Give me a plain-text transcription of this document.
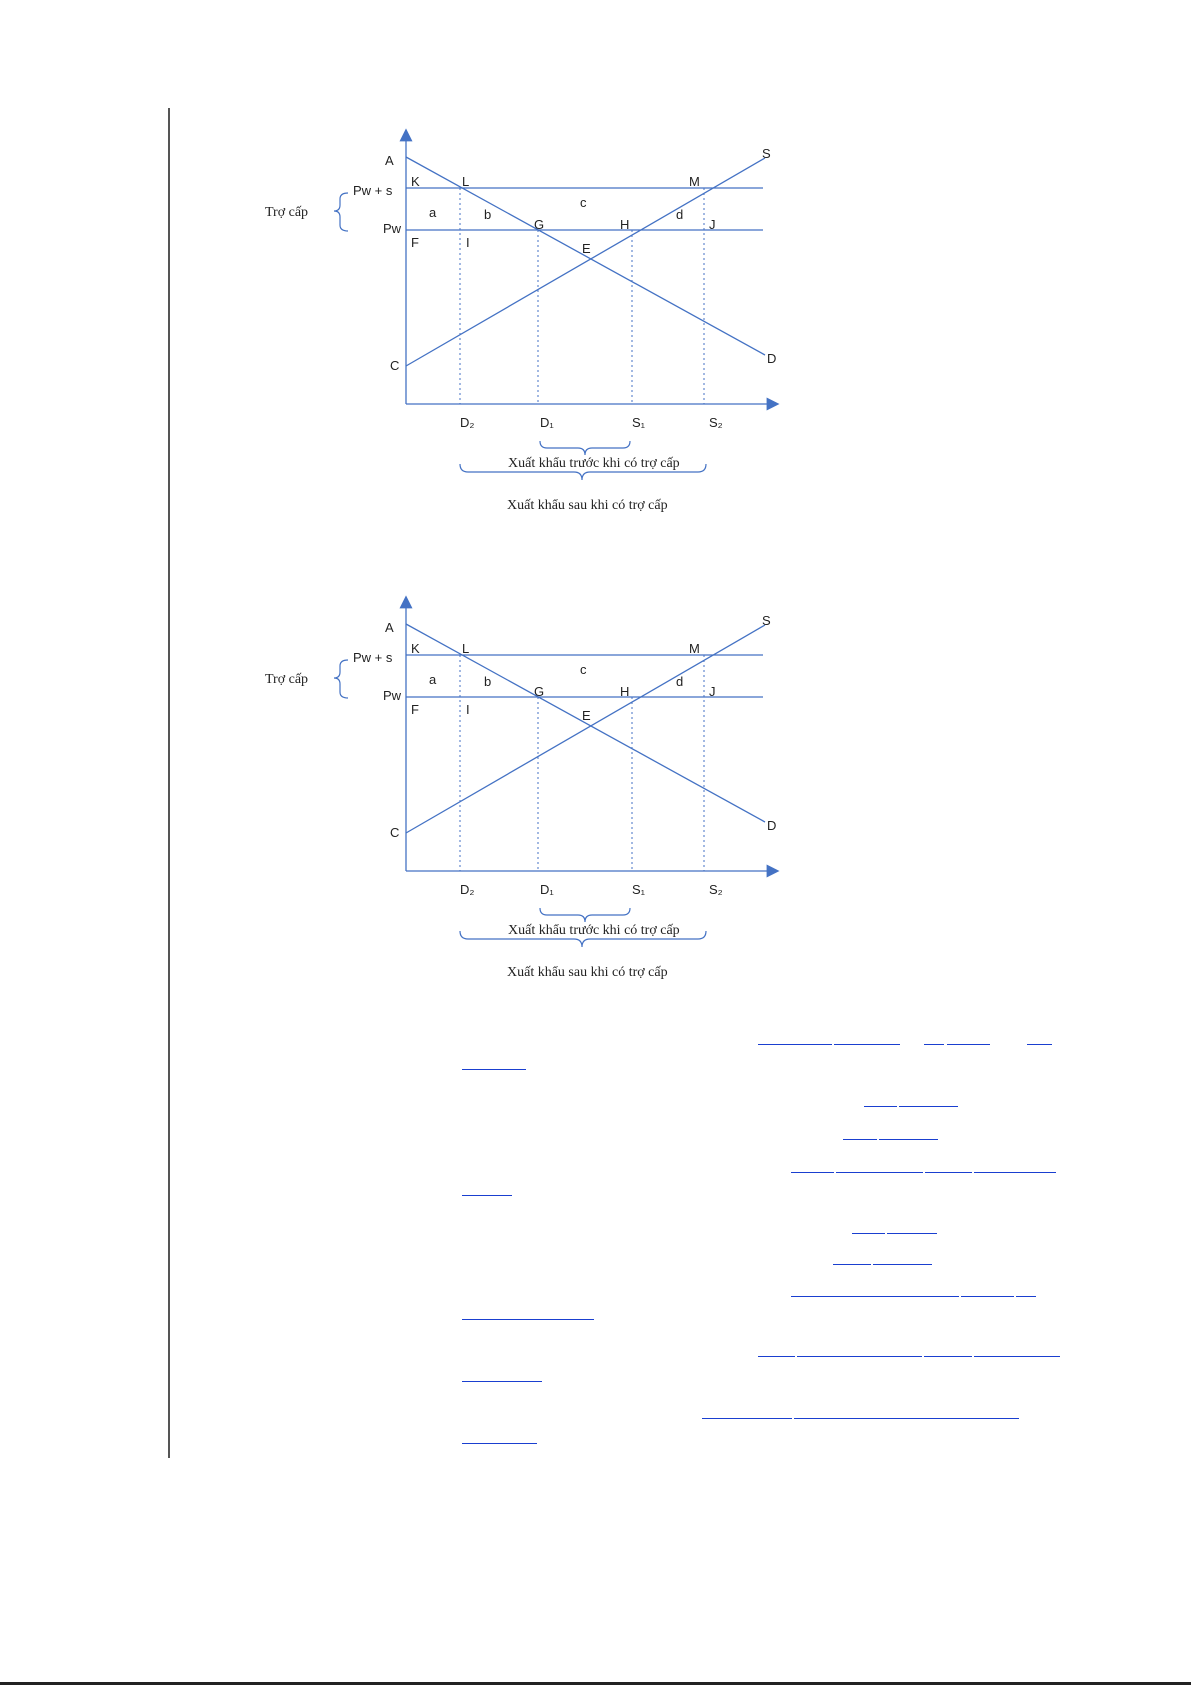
A
K	L	M
S
Pw + s
Pw
Trợ cấp	a	b
c
d
F	I
G	H	J
E
C	D
D₂	D₁	S₁	S₂
Xuất khẩu trước khi có trợ cấp
Xuất khẩu sau khi có trợ cấp
A
K	L	M
S
Pw + s
Pw
Trợ cấp	a	b
c
d
F	I
G	H	J
E
C	D
D₂	D₁	S₁	S₂
Xuất khẩu trước khi có trợ cấp
Xuất khẩu sau khi có trợ cấp
